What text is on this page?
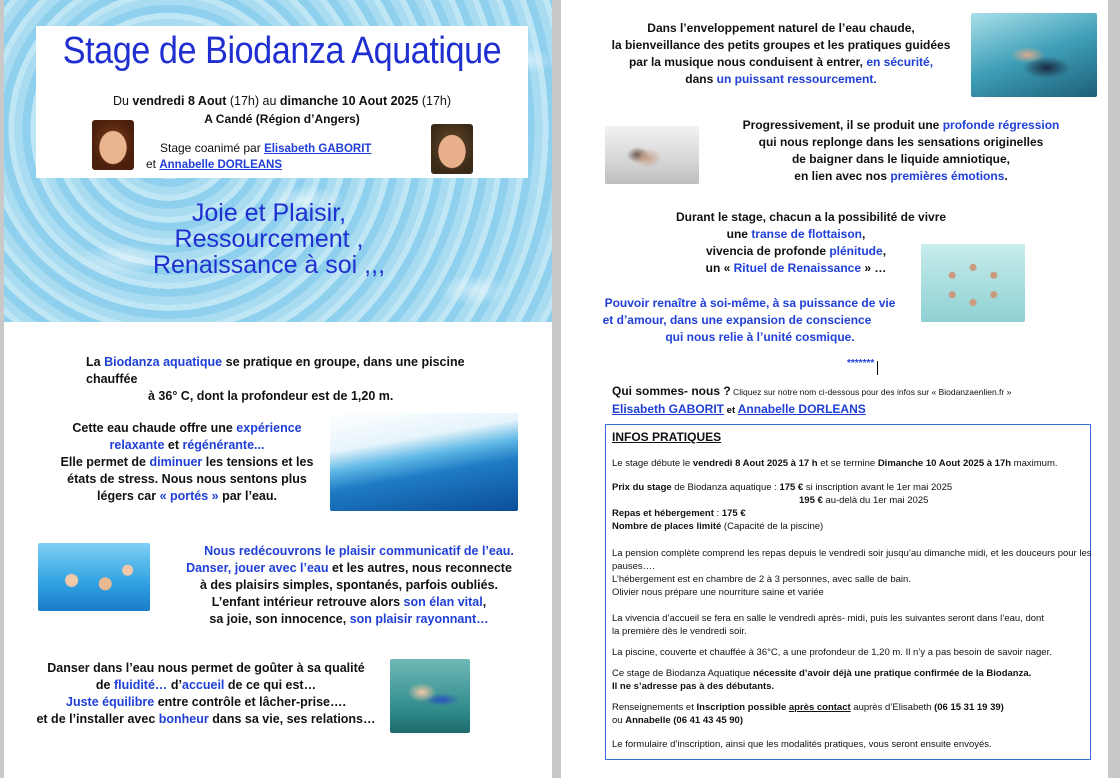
Stage de Biodanza Aquatique
Du vendredi 8 Aout (17h) au dimanche 10 Aout 2025 (17h)
A Candé (Région d’Angers)
Stage coanimé par Elisabeth GABORIT
et Annabelle DORLEANS
Joie et Plaisir,
Ressourcement ,
Renaissance à soi ,,,
La Biodanza aquatique se pratique en groupe, dans une piscine chauffée
à 36° C, dont la profondeur est de 1,20 m.
Cette eau chaude offre une expérience
relaxante et régénérante...
Elle permet de diminuer les tensions et les
états de stress. Nous nous sentons plus
légers car « portés » par l’eau.
Nous redécouvrons le plaisir communicatif de l’eau.
Danser, jouer avec l’eau et les autres, nous reconnecte
à des plaisirs simples, spontanés, parfois oubliés.
L’enfant intérieur retrouve alors son élan vital,
sa joie, son innocence, son plaisir rayonnant…
Danser dans l’eau nous permet de goûter à sa qualité
de fluidité… d’accueil de ce qui est…
Juste équilibre entre contrôle et lâcher-prise….
et de l’installer avec bonheur dans sa vie, ses relations…
Dans l’enveloppement naturel de l’eau chaude,
la bienveillance des petits groupes et les pratiques guidées
par la musique nous conduisent à entrer, en sécurité,
dans un puissant ressourcement.
Progressivement, il se produit une profonde régression
qui nous replonge dans les sensations originelles
de baigner dans le liquide amniotique,
en lien avec nos premières émotions.
Durant le stage, chacun a la possibilité de vivre
une transe de flottaison,
vivencia de profonde plénitude,
un « Rituel de Renaissance » …
Pouvoir renaître à soi-même, à sa puissance de vie
et d’amour, dans une expansion de conscience
qui nous relie à l’unité cosmique.
*******
Qui sommes- nous ? Cliquez sur notre nom ci-dessous pour des infos sur « Biodanzaenlien.fr »
Elisabeth GABORIT et Annabelle DORLEANS
INFOS PRATIQUES
Le stage débute le vendredi 8 Aout 2025 à 17 h et se termine Dimanche 10 Aout 2025 à 17h maximum.
Prix du stage de Biodanza aquatique : 175 € si inscription avant le 1er mai 2025
195 € au-delà du 1er mai 2025
Repas et hébergement : 175 €
Nombre de places limité (Capacité de la piscine)
La pension complète comprend les repas depuis le vendredi soir jusqu’au dimanche midi, et les douceurs pour les
pauses….
L’hébergement est en chambre de 2 à 3 personnes, avec salle de bain.
Olivier nous prépare une nourriture saine et variée
La vivencia d’accueil se fera en salle le vendredi après- midi, puis les suivantes seront dans l’eau, dont
la première dès le vendredi soir.
La piscine, couverte et chauffée à 36°C, a une profondeur de 1,20 m. Il n’y a pas besoin de savoir nager.
Ce stage de Biodanza Aquatique nécessite d’avoir déjà une pratique confirmée de la Biodanza.
Il ne s’adresse pas à des débutants.
Renseignements et Inscription possible après contact auprès d’Elisabeth (06 15 31 19 39)
ou Annabelle (06 41 43 45 90)
Le formulaire d’inscription, ainsi que les modalités pratiques, vous seront ensuite envoyés.
